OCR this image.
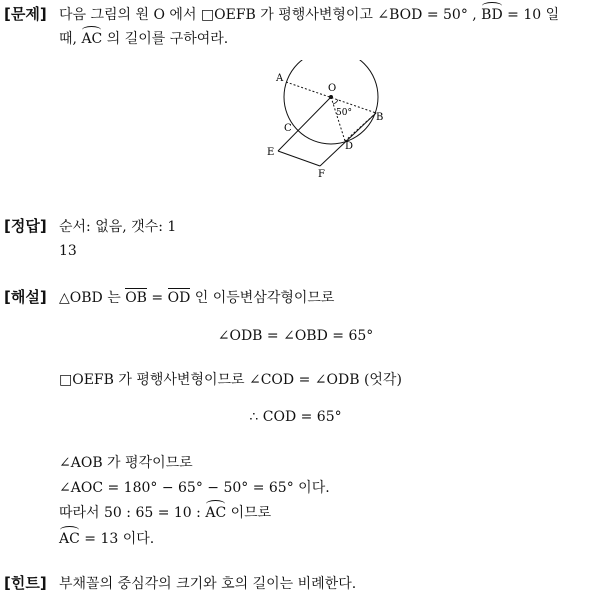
[문제] 다음 그림의 원 O 에서 □OEFB 가 평행사변형이고 ∠BOD = 50° , BD = 10 일
때, AC 의 길이를 구하여라.
A
O
B
C
D
E
F
50°
[정답] 순서: 없음, 갯수: 1
13
[해설] △OBD 는 OB = OD 인 이등변삼각형이므로
∠ODB = ∠OBD = 65°
□OEFB 가 평행사변형이므로 ∠COD = ∠ODB (엇각)
∴ COD = 65°
∠AOB 가 평각이므로
∠AOC = 180° − 65° − 50° = 65° 이다.
따라서 50 : 65 = 10 : AC 이므로
AC = 13 이다.
[힌트] 부채꼴의 중심각의 크기와 호의 길이는 비례한다.
